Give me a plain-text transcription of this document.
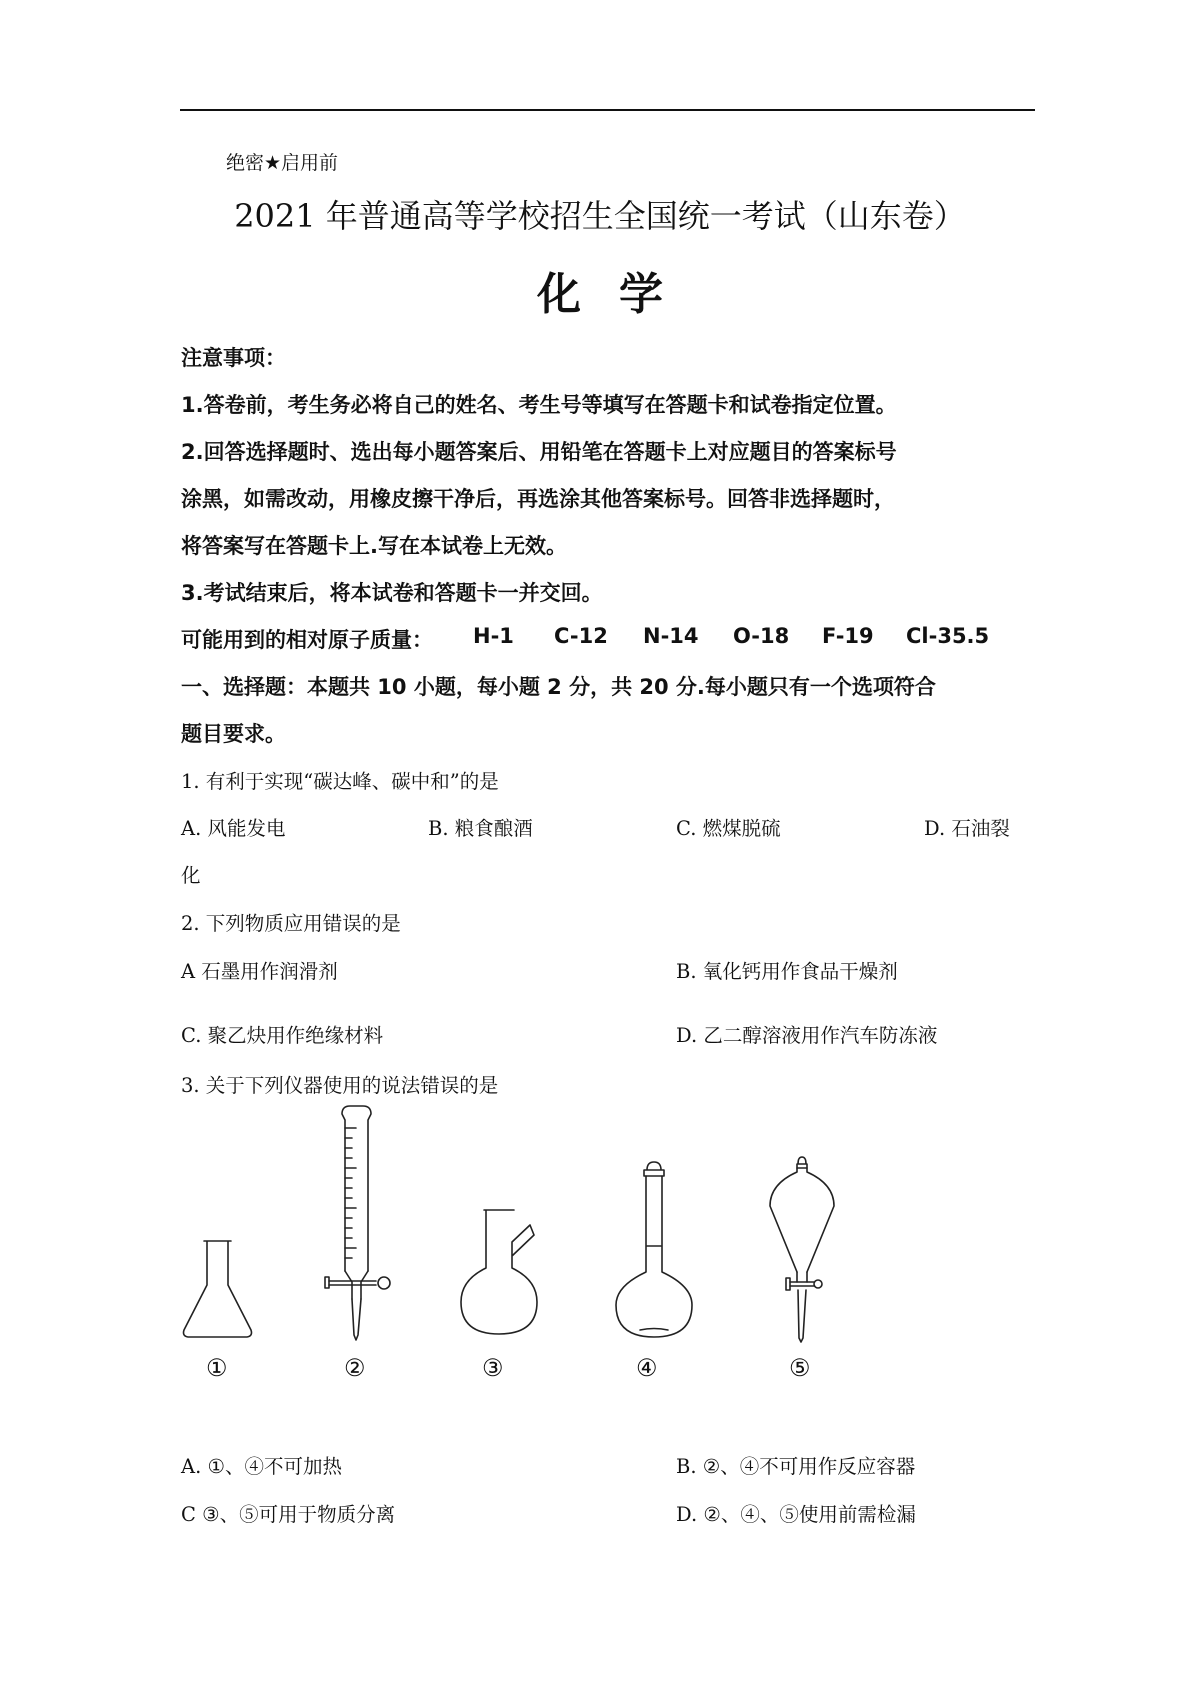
绝密★启用前
2021 年普通高等学校招生全国统一考试（山东卷）
化学
注意事项：
1.答卷前，考生务必将自己的姓名、考生号等填写在答题卡和试卷指定位置。
2.回答选择题时、选出每小题答案后、用铅笔在答题卡上对应题目的答案标号
涂黑，如需改动，用橡皮擦干净后，再选涂其他答案标号。回答非选择题时，
将答案写在答题卡上.写在本试卷上无效。
3.考试结束后，将本试卷和答题卡一并交回。
可能用到的相对原子质量： H-1 C-12 N-14 O-18 F-19 Cl-35.5
一、选择题：本题共 10 小题，每小题 2 分，共 20 分.每小题只有一个选项符合
题目要求。
1. 有利于实现“碳达峰、碳中和”的是
A. 风能发电	B. 粮食酿酒	C. 燃煤脱硫	D. 石油裂
化
2. 下列物质应用错误的是
A 石墨用作润滑剂	B. 氧化钙用作食品干燥剂
C. 聚乙炔用作绝缘材料	D. 乙二醇溶液用作汽车防冻液
3. 关于下列仪器使用的说法错误的是
①	②	③	④	⑤
A. ①、④不可加热	B. ②、④不可用作反应容器
C ③、⑤可用于物质分离	D. ②、④、⑤使用前需检漏
